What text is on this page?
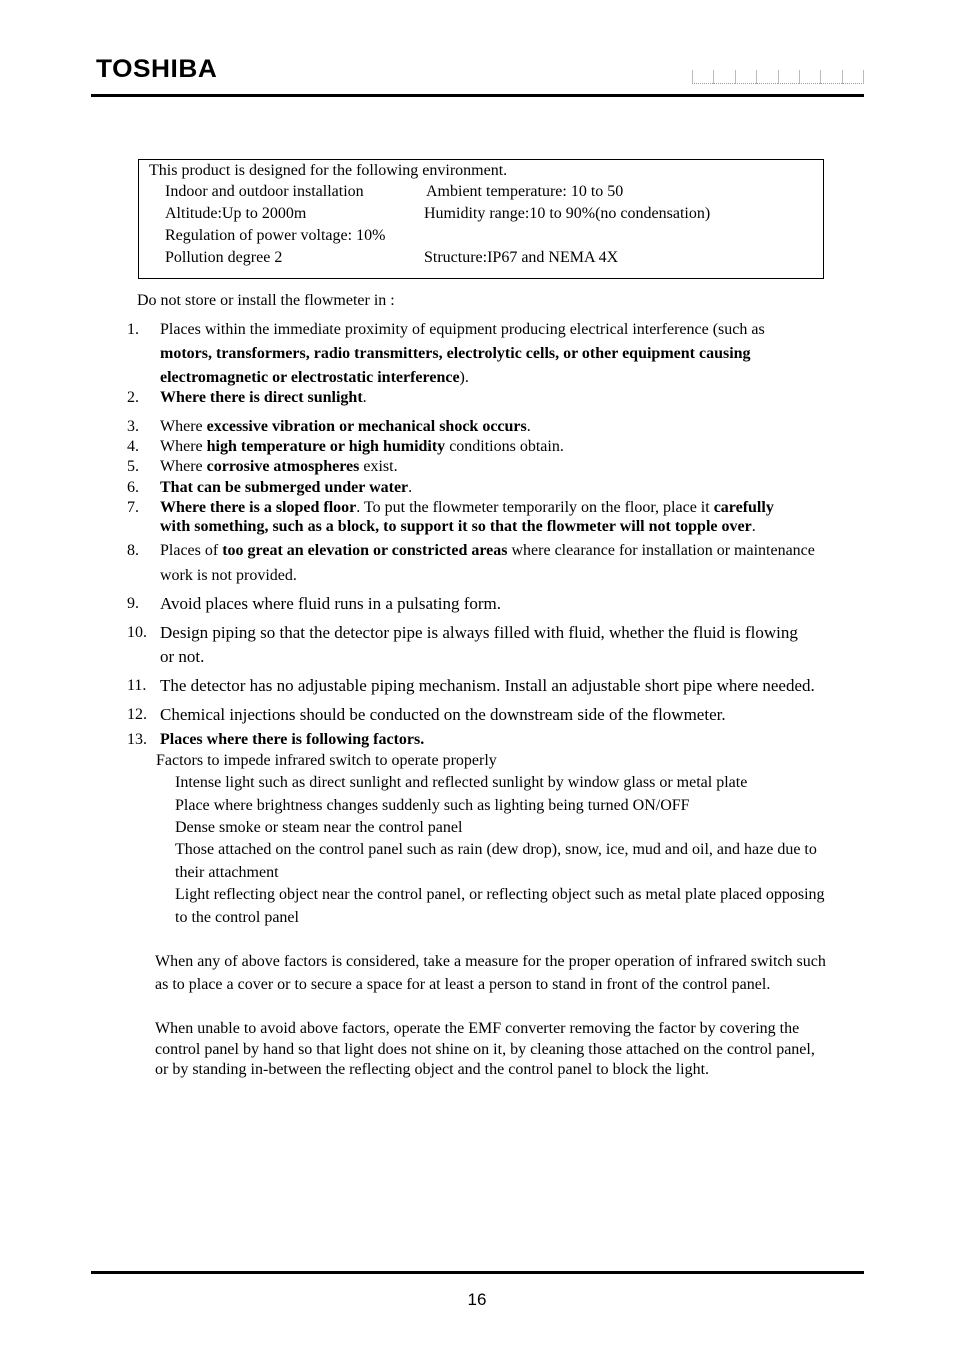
TOSHIBA
This product is designed for the following environment.
Indoor and outdoor installation	Ambient temperature: 10 to 50
Altitude:Up to 2000m	Humidity range:10 to 90%(no condensation)
Regulation of power voltage: 10%
Pollution degree 2	Structure:IP67 and NEMA 4X
Do not store or install the flowmeter in :
1. Places within the immediate proximity of equipment producing electrical interference (such as
motors, transformers, radio transmitters, electrolytic cells, or other equipment causing
electromagnetic or electrostatic interference).
2. Where there is direct sunlight.
3. Where excessive vibration or mechanical shock occurs.
4. Where high temperature or high humidity conditions obtain.
5. Where corrosive atmospheres exist.
6. That can be submerged under water.
7. Where there is a sloped floor. To put the flowmeter temporarily on the floor, place it carefully
with something, such as a block, to support it so that the flowmeter will not topple over.
8. Places of too great an elevation or constricted areas where clearance for installation or maintenance
work is not provided.
9. Avoid places where fluid runs in a pulsating form.
10. Design piping so that the detector pipe is always filled with fluid, whether the fluid is flowing
or not.
11. The detector has no adjustable piping mechanism. Install an adjustable short pipe where needed.
12. Chemical injections should be conducted on the downstream side of the flowmeter.
13. Places where there is following factors.
Factors to impede infrared switch to operate properly
Intense light such as direct sunlight and reflected sunlight by window glass or metal plate
Place where brightness changes suddenly such as lighting being turned ON/OFF
Dense smoke or steam near the control panel
Those attached on the control panel such as rain (dew drop), snow, ice, mud and oil, and haze due to
their attachment
Light reflecting object near the control panel, or reflecting object such as metal plate placed opposing
to the control panel
When any of above factors is considered, take a measure for the proper operation of infrared switch such
as to place a cover or to secure a space for at least a person to stand in front of the control panel.
When unable to avoid above factors, operate the EMF converter removing the factor by covering the
control panel by hand so that light does not shine on it, by cleaning those attached on the control panel,
or by standing in-between the reflecting object and the control panel to block the light.
16
